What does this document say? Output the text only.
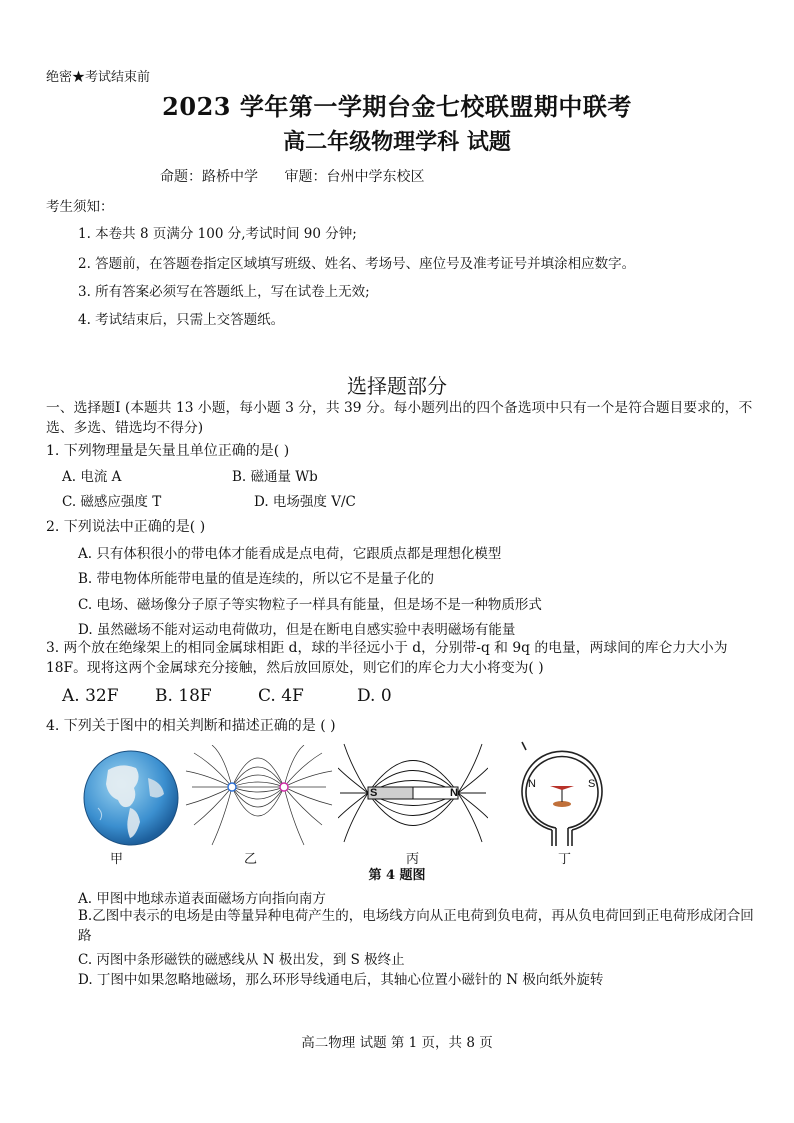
绝密★考试结束前
2023 学年第一学期台金七校联盟期中联考
高二年级物理学科 试题
命题：路桥中学 审题：台州中学东校区
考生须知：
1. 本卷共 8 页满分 100 分,考试时间 90 分钟;
2. 答题前，在答题卷指定区域填写班级、姓名、考场号、座位号及准考证号并填涂相应数字。
3. 所有答案必须写在答题纸上，写在试卷上无效;
4. 考试结束后，只需上交答题纸。
选择题部分
一、选择题Ⅰ (本题共 13 小题，每小题 3 分，共 39 分。每小题列出的四个备选项中只有一个是符合题目要求的，不选、多选、错选均不得分)
1. 下列物理量是矢量且单位正确的是( )
A. 电流 A	B. 磁通量 Wb
C. 磁感应强度 T	D. 电场强度 V/C
2. 下列说法中正确的是( )
A. 只有体积很小的带电体才能看成是点电荷，它跟质点都是理想化模型
B. 带电物体所能带电量的值是连续的，所以它不是量子化的
C. 电场、磁场像分子原子等实物粒子一样具有能量，但是场不是一种物质形式
D. 虽然磁场不能对运动电荷做功，但是在断电自感实验中表明磁场有能量
3. 两个放在绝缘架上的相同金属球相距 d，球的半径远小于 d，分别带-q 和 9q 的电量，两球间的库仑力大小为 18F。现将这两个金属球充分接触，然后放回原处，则它们的库仑力大小将变为( )
A. 32F B. 18F	C. 4F	D. 0
4. 下列关于图中的相关判断和描述正确的是 ( )
甲	乙
S	N
丙
N	S
丁
第 4 题图
A. 甲图中地球赤道表面磁场方向指向南方
B.乙图中表示的电场是由等量异种电荷产生的，电场线方向从正电荷到负电荷，再从负电荷回到正电荷形成闭合回路
C. 丙图中条形磁铁的磁感线从 N 极出发，到 S 极终止
D. 丁图中如果忽略地磁场，那么环形导线通电后，其轴心位置小磁针的 N 极向纸外旋转
高二物理 试题 第 1 页，共 8 页
